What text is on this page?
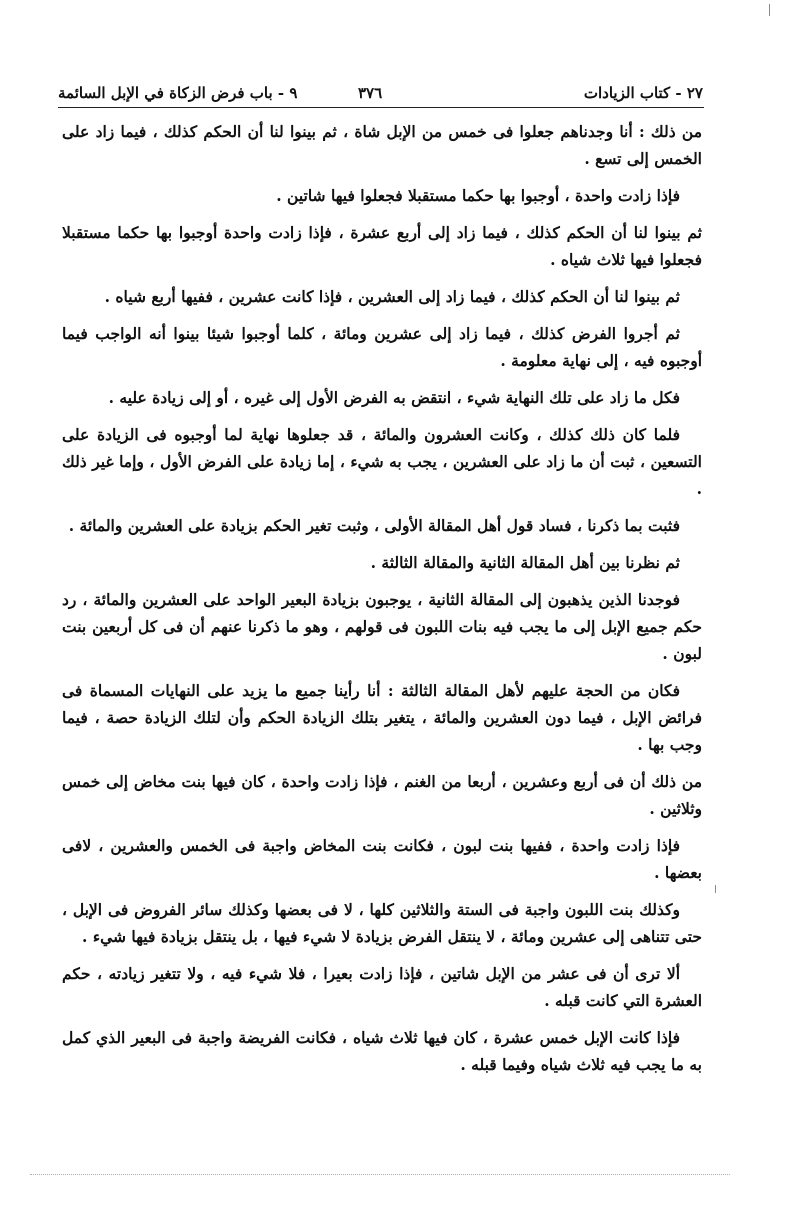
٢٧ - كتاب الزيادات
٣٧٦
٩ - باب فرض الزكاة في الإبل السائمة

من ذلك : أنا وجدناهم جعلوا فى خمس من الإبل شاة ، ثم بينوا لنا أن الحكم كذلك ، فيما زاد على الخمس إلى تسع .

فإذا زادت واحدة ، أوجبوا بها حكما مستقبلا فجعلوا فيها شاتين .

ثم بينوا لنا أن الحكم كذلك ، فيما زاد إلى أربع عشرة ، فإذا زادت واحدة أوجبوا بها حكما مستقبلا فجعلوا فيها ثلاث شياه .

ثم بينوا لنا أن الحكم كذلك ، فيما زاد إلى العشرين ، فإذا كانت عشرين ، ففيها أربع شياه .

ثم أجروا الفرض كذلك ، فيما زاد إلى عشرين ومائة ، كلما أوجبوا شيئا بينوا أنه الواجب فيما أوجبوه فيه ، إلى نهاية معلومة .

فكل ما زاد على تلك النهاية شيء ، انتقض به الفرض الأول إلى غيره ، أو إلى زيادة عليه .

فلما كان ذلك كذلك ، وكانت العشرون والمائة ، قد جعلوها نهاية لما أوجبوه فى الزيادة على التسعين ، ثبت أن ما زاد على العشرين ، يجب به شيء ، إما زيادة على الفرض الأول ، وإما غير ذلك .

فثبت بما ذكرنا ، فساد قول أهل المقالة الأولى ، وثبت تغير الحكم بزيادة على العشرين والمائة .

ثم نظرنا بين أهل المقالة الثانية والمقالة الثالثة .

فوجدنا الذين يذهبون إلى المقالة الثانية ، يوجبون بزيادة البعير الواحد على العشرين والمائة ، رد حكم جميع الإبل إلى ما يجب فيه بنات اللبون فى قولهم ، وهو ما ذكرنا عنهم أن فى كل أربعين بنت لبون .

فكان من الحجة عليهم لأهل المقالة الثالثة : أنا رأينا جميع ما يزيد على النهايات المسماة فى فرائض الإبل ، فيما دون العشرين والمائة ، يتغير بتلك الزيادة الحكم وأن لتلك الزيادة حصة ، فيما وجب بها .

من ذلك أن فى أربع وعشرين ، أربعا من الغنم ، فإذا زادت واحدة ، كان فيها بنت مخاض إلى خمس وثلاثين .

فإذا زادت واحدة ، ففيها بنت لبون ، فكانت بنت المخاض واجبة فى الخمس والعشرين ، لافى بعضها .

وكذلك بنت اللبون واجبة فى الستة والثلاثين كلها ، لا فى بعضها وكذلك سائر الفروض فى الإبل ، حتى تتناهى إلى عشرين ومائة ، لا ينتقل الفرض بزيادة لا شيء فيها ، بل ينتقل بزيادة فيها شيء .

ألا ترى أن فى عشر من الإبل شاتين ، فإذا زادت بعيرا ، فلا شيء فيه ، ولا تتغير زيادته ، حكم العشرة التي كانت قبله .

فإذا كانت الإبل خمس عشرة ، كان فيها ثلاث شياه ، فكانت الفريضة واجبة فى البعير الذي كمل به ما يجب فيه ثلاث شياه وفيما قبله .
